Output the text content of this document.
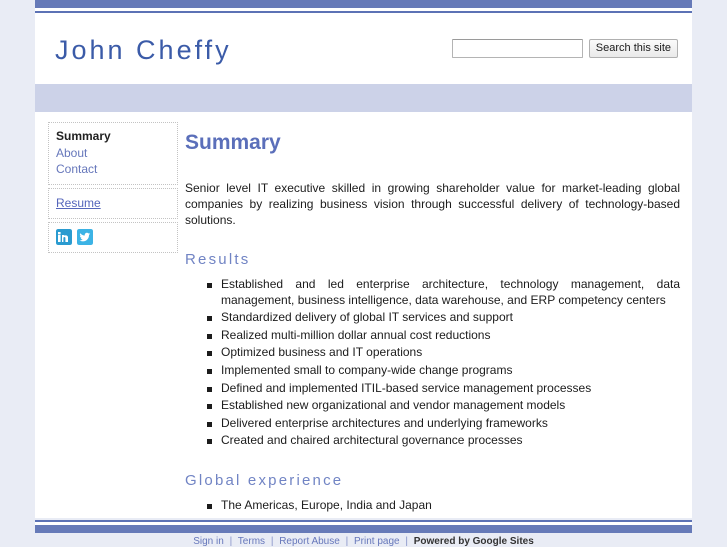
John Cheffy	Search this site
Summary
About
Contact
Resume
Summary

Senior level IT executive skilled in growing shareholder value for market-leading global companies by realizing business vision through successful delivery of technology-based solutions.

Results
Established and led enterprise architecture, technology management, data management, business intelligence, data warehouse, and ERP competency centers
Standardized delivery of global IT services and support
Realized multi-million dollar annual cost reductions
Optimized business and IT operations
Implemented small to company-wide change programs
Defined and implemented ITIL-based service management processes
Established new organizational and vendor management models
Delivered enterprise architectures and underlying frameworks
Created and chaired architectural governance processes
Global experience
The Americas, Europe, India and Japan
Sign in | Terms | Report Abuse | Print page | Powered by Google Sites
